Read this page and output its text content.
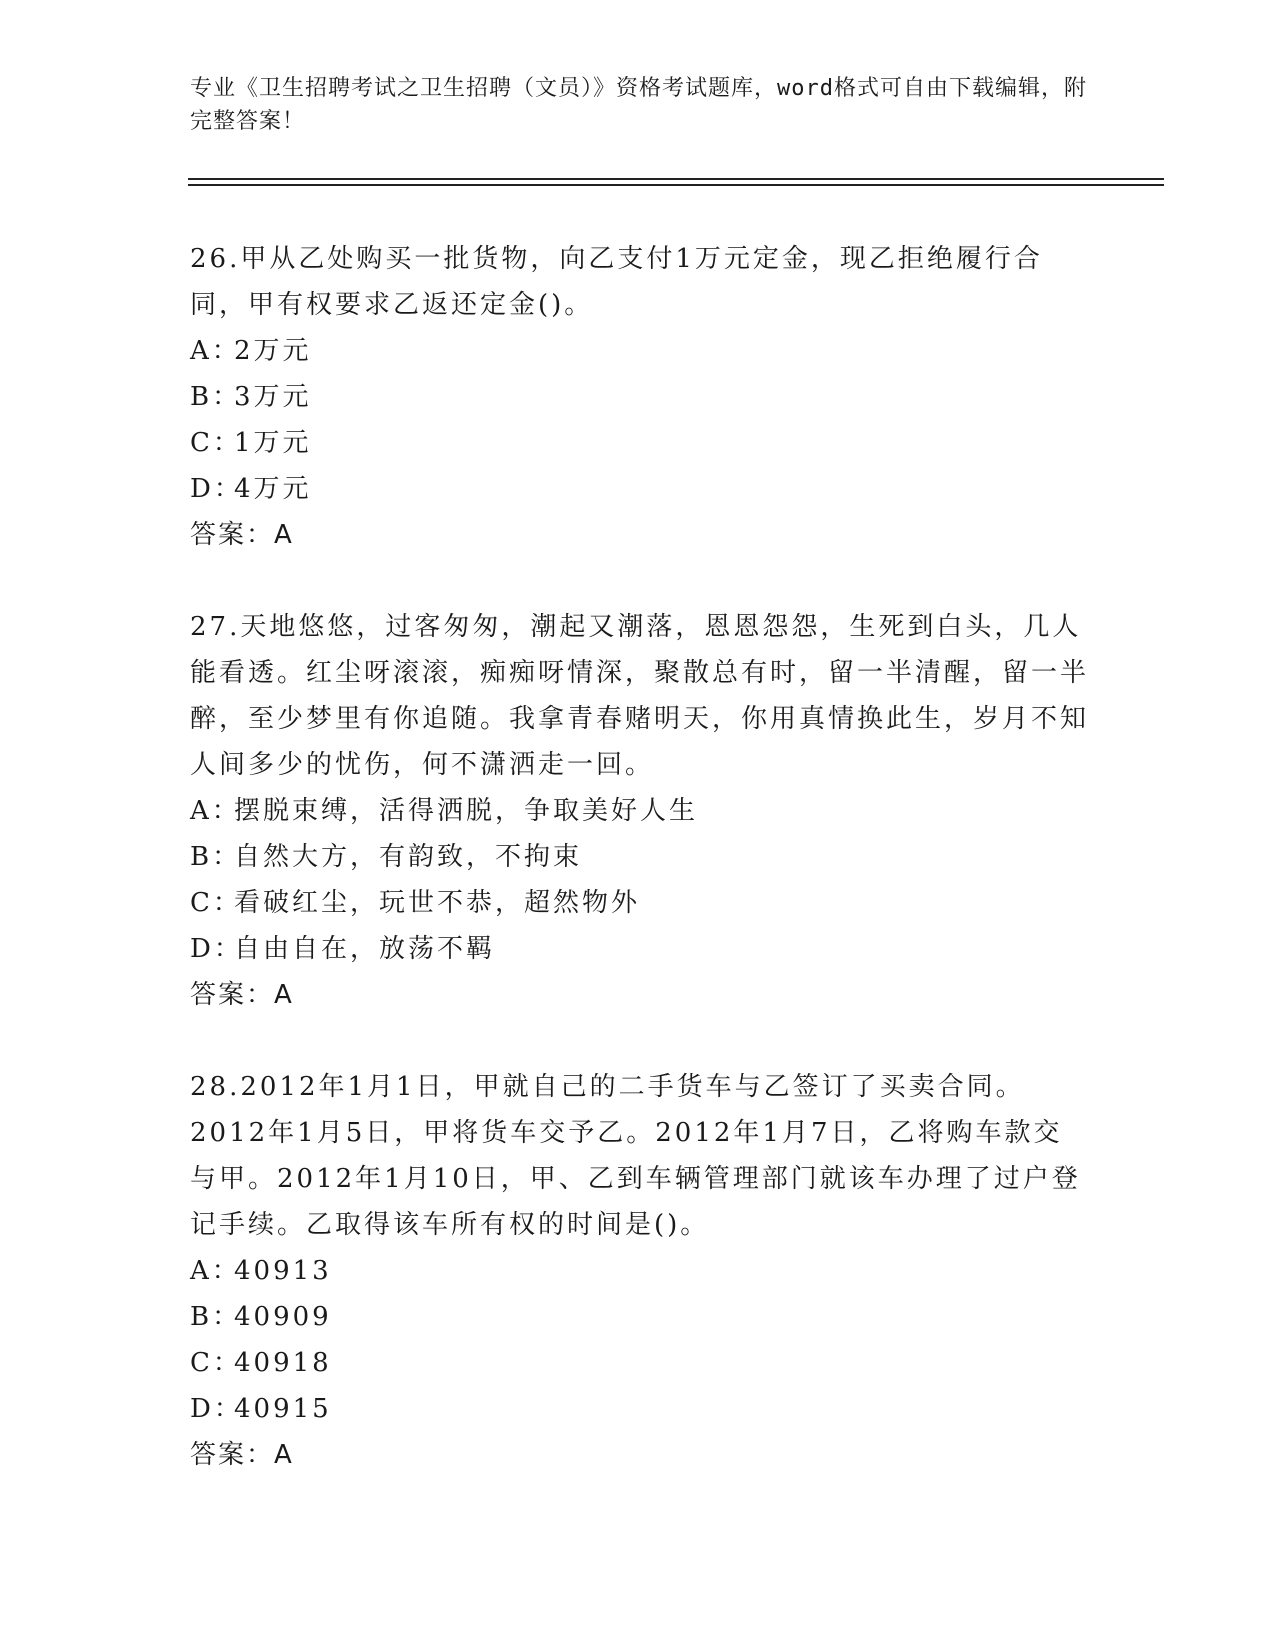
专业《卫生招聘考试之卫生招聘（文员）》资格考试题库，word格式可自由下载编辑，附完整答案！

26.甲从乙处购买一批货物，向乙支付1万元定金，现乙拒绝履行合同，甲有权要求乙返还定金()。

A：
2万元

B：
3万元

C：
1万元

D：
4万元

答案：A

27.天地悠悠，过客匆匆，潮起又潮落，恩恩怨怨，生死到白头，几人能看透。红尘呀滚滚，痴痴呀情深，聚散总有时，留一半清醒，留一半醉，至少梦里有你追随。我拿青春赌明天，你用真情换此生，岁月不知人间多少的忧伤，何不潇洒走一回。

A：
摆脱束缚，活得洒脱，争取美好人生

B：
自然大方，有韵致，不拘束

C：
看破红尘，玩世不恭，超然物外

D：
自由自在，放荡不羁

答案：A

28.2012年1月1日，甲就自己的二手货车与乙签订了买卖合同。2012年1月5日，甲将货车交予乙。2012年1月7日，乙将购车款交与甲。2012年1月10日，甲、乙到车辆管理部门就该车办理了过户登记手续。乙取得该车所有权的时间是()。

A：
40913

B：
40909

C：
40918

D：
40915

答案：A
